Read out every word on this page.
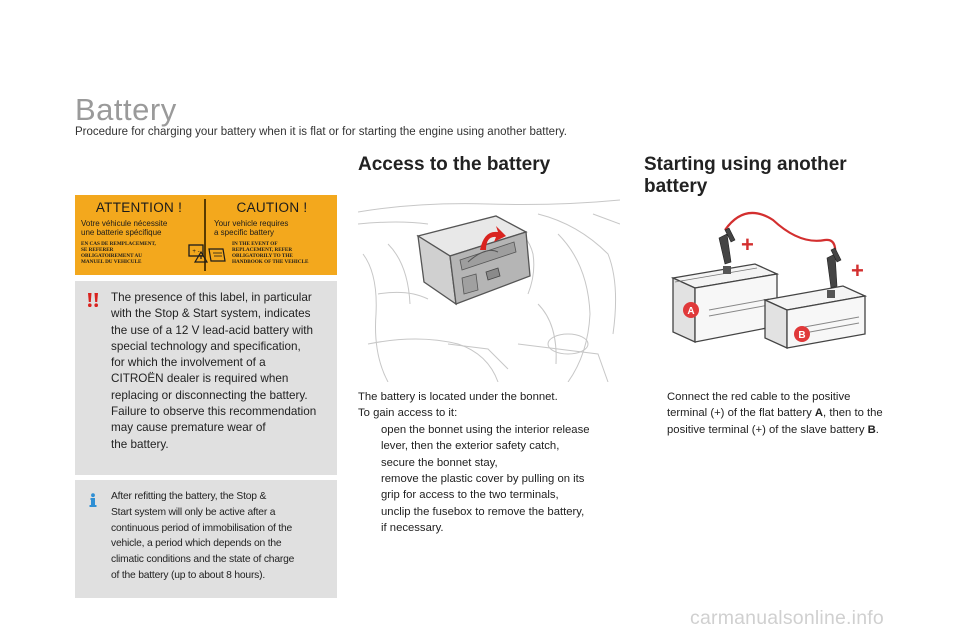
Battery
Procedure for charging your battery when it is flat or for starting the engine using another battery.
Access to the battery	Starting using another battery
ATTENTION !
Votre véhicule nécessite
une batterie spécifique
EN CAS DE REMPLACEMENT,
SE REFERER
OBLIGATOIREMENT AU
MANUEL DU VEHICULE
CAUTION !
Your vehicle requires
a specific battery
IN THE EVENT OF
REPLACEMENT, REFER
OBLIGATORILY TO THE
HANDBOOK OF THE VEHICLE
+ -
The presence of this label, in particular
with the Stop & Start system, indicates
the use of a 12 V lead-acid battery with
special technology and specification,
for which the involvement of a
CITROËN dealer is required when
replacing or disconnecting the battery.
Failure to observe this recommendation
may cause premature wear of
the battery.
After refitting the battery, the Stop &
Start system will only be active after a
continuous period of immobilisation of the
vehicle, a period which depends on the
climatic conditions and the state of charge
of the battery (up to about 8 hours).
+
+
A
B
The battery is located under the bonnet.
To gain access to it:
open the bonnet using the interior release
lever, then the exterior safety catch,
secure the bonnet stay,
remove the plastic cover by pulling on its
grip for access to the two terminals,
unclip the fusebox to remove the battery,
if necessary.
Connect the red cable to the positive
terminal (+) of the flat battery A, then to the
positive terminal (+) of the slave battery B.
carmanualsonline.info
